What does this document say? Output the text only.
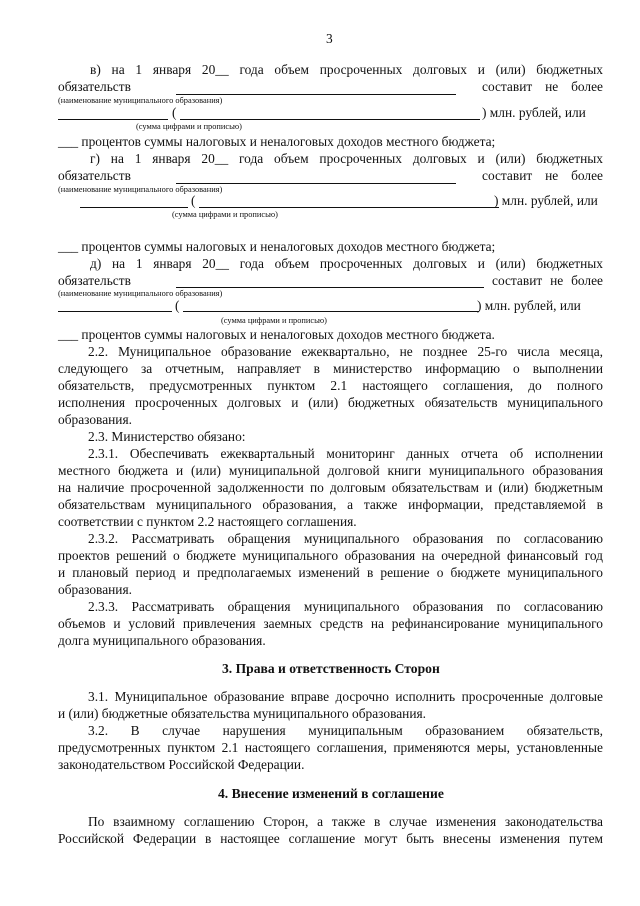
3
в) на 1 января 20__ года объем просроченных долговых и (или) бюджетных
обязательств	составит не более
(наименование муниципального образования)
(	) млн. рублей, или
(сумма цифрами и прописью)
___ процентов суммы налоговых и неналоговых доходов местного бюджета;
г) на 1 января 20__ года объем просроченных долговых и (или) бюджетных
обязательств	составит не более
(наименование муниципального образования)
(	) млн. рублей, или
(сумма цифрами и прописью)
___ процентов суммы налоговых и неналоговых доходов местного бюджета;
д) на 1 января 20__ года объем просроченных долговых и (или) бюджетных
обязательств	составит не более
(наименование муниципального образования)
(	) млн. рублей, или
(сумма цифрами и прописью)
___ процентов суммы налоговых и неналоговых доходов местного бюджета.
2.2. Муниципальное образование ежеквартально, не позднее 25-го числа месяца,
следующего за отчетным, направляет в министерство информацию о выполнении
обязательств, предусмотренных пунктом 2.1 настоящего соглашения, до полного
исполнения просроченных долговых и (или) бюджетных обязательств муниципального
образования.
2.3. Министерство обязано:
2.3.1. Обеспечивать ежеквартальный мониторинг данных отчета об исполнении
местного бюджета и (или) муниципальной долговой книги муниципального образования
на наличие просроченной задолженности по долговым обязательствам и (или) бюджетным
обязательствам муниципального образования, а также информации, представляемой в
соответствии с пунктом 2.2 настоящего соглашения.
2.3.2. Рассматривать обращения муниципального образования по согласованию
проектов решений о бюджете муниципального образования на очередной финансовый год
и плановый период и предполагаемых изменений в решение о бюджете муниципального
образования.
2.3.3. Рассматривать обращения муниципального образования по согласованию
объемов и условий привлечения заемных средств на рефинансирование муниципального
долга муниципального образования.
3. Права и ответственность Сторон
3.1. Муниципальное образование вправе досрочно исполнить просроченные долговые
и (или) бюджетные обязательства муниципального образования.
3.2. В случае нарушения муниципальным образованием обязательств,
предусмотренных пунктом 2.1 настоящего соглашения, применяются меры, установленные
законодательством Российской Федерации.
4. Внесение изменений в соглашение
По взаимному соглашению Сторон, а также в случае изменения законодательства
Российской Федерации в настоящее соглашение могут быть внесены изменения путем
